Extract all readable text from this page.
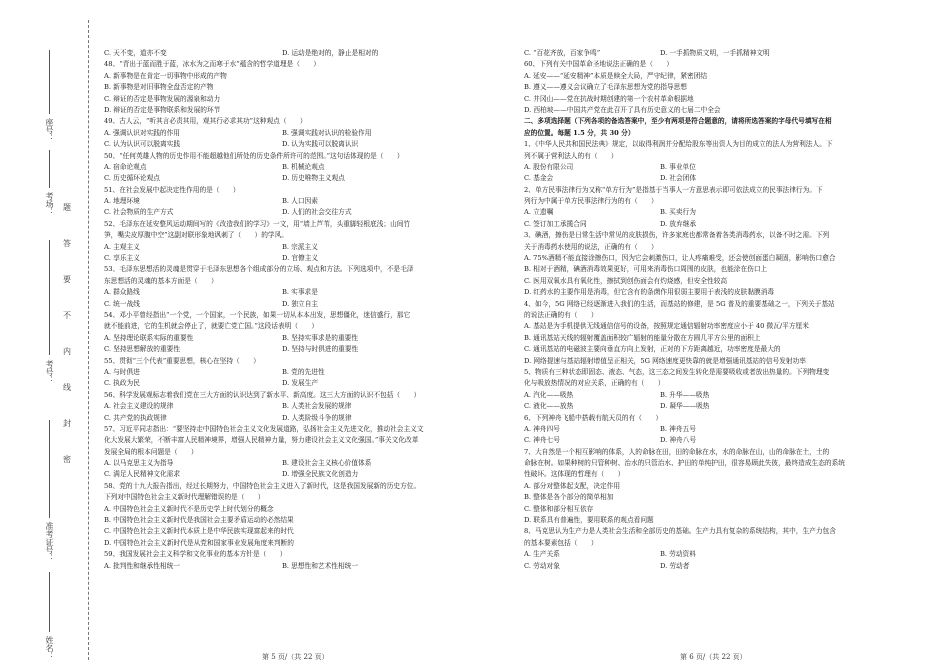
座号：
考场：
考号：
准考证号：
姓名：
密
封
线
内
不
要
答
题
C. 天不变，道亦不变	D. 运动是绝对的，静止是相对的
48、“青出于蓝而胜于蓝，冰水为之而寒于水”蕴含的哲学道理是（　　）
A. 新事物是在肯定一切事物中形成的产物
B. 新事物是对旧事物全盘否定的产物
C. 辩证的否定是事物发展的源泉和动力
D. 辩证的否定是事物联系和发展的环节
49、古人云，“听其言必责其用，观其行必求其功”这种观点（　　）
A. 强调认识对实践的作用	B. 强调实践对认识的检验作用
C. 认为认识可以脱离实践	D. 认为实践可以脱离认识
50、“任何英雄人物的历史作用不能超越他们所处的历史条件所许可的范围。”这句话体现的是（　　）
A. 宿命论观点	B. 机械论观点
C. 历史循环论观点	D. 历史唯物主义观点
51、在社会发展中起决定性作用的是（　　）
A. 地理环境	B. 人口因素
C. 社会物质的生产方式	D. 人们的社会交往方式
52、毛泽东在延安整风运动期间写的《改造我们的学习》一文，用“墙上芦苇，头重脚轻根底浅；山间竹
笋，嘴尖皮厚腹中空”这副对联形象地讽刺了（　　）的学风。
A. 主观主义	B. 宗派主义
C. 享乐主义	D. 官僚主义
53、毛泽东思想活的灵魂是贯穿于毛泽东思想各个组成部分的立场、观点和方法。下列选项中，不是毛泽
东思想活的灵魂的基本方面是（　　）
A. 群众路线	B. 实事求是
C. 统一战线	D. 独立自主
54、邓小平曾经指出“一个党，一个国家，一个民族，如果一切从本本出发，思想僵化，迷信盛行，那它
就不能前进，它的生机就会停止了，就要亡党亡国。”这段话表明（　　）
A. 坚持理论联系实际的重要性	B. 坚持实事求是的重要性
C. 坚持思想解放的重要性	D. 坚持与时俱进的重要性
55、贯彻“三个代表”重要思想，核心在坚持（　　）
A. 与时俱进	B. 党的先进性
C. 执政为民	D. 发展生产
56、科学发展观标志着我们党在三大方面的认识达到了新水平、新高度。这三大方面的认识不包括（　　）
A. 社会主义建设的规律	B. 人类社会发展的规律
C. 共产党的执政规律	D. 人类阶级斗争的规律
57、习近平同志指出：“要坚持走中国特色社会主义文化发展道路，弘扬社会主义先进文化，推动社会主义文
化大发展大繁荣，不断丰富人民精神境界，增强人民精神力量，努力建设社会主义文化强国。”事关文化改革
发展全局的根本问题是（　　）
A. 以马克思主义为指导	B. 建设社会主义核心价值体系
C. 满足人民精神文化需求	D. 增强全民族文化创造力
58、党的十九大报告指出，经过长期努力，中国特色社会主义进入了新时代，这是我国发展新的历史方位。
下列对中国特色社会主义新时代理解错误的是（　　）
A. 中国特色社会主义新时代不是历史学上时代划分的概念
B. 中国特色社会主义新时代是我国社会主要矛盾运动的必然结果
C. 中国特色社会主义新时代本质上是中华民族实现富起来的时代
D. 中国特色社会主义新时代是从党和国家事业发展角度来判断的
59、我国发展社会主义科学和文化事业的基本方针是（　　）
A. 批判性和继承性相统一	B. 思想性和艺术性相统一
C. “百花齐放，百家争鸣”	D. 一手抓物质文明，一手抓精神文明
60、下列有关中国革命圣地说法正确的是（　　）
A. 延安——“延安精神”本质是赎全大局，严守纪律，紧密团结
B. 遵义——遵义会议确立了毛泽东思想为党的指导思想
C. 井冈山——党在抗战时期创建的第一个农村革命根据地
D. 西柏坡——中国共产党在此召开了具有历史意义的七届二中全会
二、多项选择题（下列各项的备选答案中，至少有两项是符合题意的，请将所选答案的字母代号填写在相
应的位置。每题 1.5 分，共 30 分）
1、《中华人民共和国民法典》规定，以取得利润并分配给股东等出资人为目的成立的法人为营利法人。下
列不属于营利法人的有（　　）
A. 股份有限公司	B. 事业单位
C. 基金会	D. 社会团体
2、单方民事法律行为又称“单方行为”是指基于当事人一方意思表示即可依法成立的民事法律行为。下
列行为中属于单方民事法律行为的有（　　）
A. 立遗嘱	B. 买卖行为
C. 签订加工承揽合同	D. 放弃继承
3、碘酒，擦伤是日常生活中常见的皮肤损伤，许多家庭也都常备着各类消毒药水，以备不时之需。下列
关于消毒药水使用的说法，正确的有（　　）
A. 75%酒精不能直接涂擦伤口，因为它会刺激伤口，让人疼痛难受，还会使创面蛋白凝固，影响伤口愈合
B. 相对于酒精，碘酒消毒效果更好，可用来消毒伤口周围的皮肤，也能涂在伤口上
C. 医用双氧水具有氧化性，擦拭到创伤面会有灼烧感，但安全性较高
D. 红药水的主要作用是消毒，但它含有的条菌作用很弱主要用于表浅的皮肤黏膜消毒
4、如今，5G 网络已经逐渐进入我们的生活，而基站的修建，是 5G 普及的重要基础之一，下列关于基站
的说法正确的有（　　）
A. 基站是为手机提供无线通信信号的设备，按照规定通信辐射功率密度应小于 40 微瓦/平方厘米
B. 通讯基站天线的辐射覆盖面积较广辐射的能量分散在方圆几平方公里的面积上
C. 通讯基站的电磁波主要向垂直方向上发射，正对的下方距离越近，功率密度是最大的
D. 网络提速与基站辐射增值呈正相关，5G 网络速度更快靠的就是增强通讯基站的信号发射功率
5、物质有三种状态即固态、液态、气态，这三态之间发生转化是需要吸收或者放出热量的。下列物理变
化与吸放热情况的对应关系，正确的有（　　）
A. 汽化——吸热	B. 升华——吸热
C. 液化——放热	D. 凝华——吸热
6、下列神舟飞船中搭载有航天员的有（　　）
A. 神舟四号	B. 神舟五号
C. 神舟七号	D. 神舟八号
7、大自然是一个相互影响的体系，人的命脉在田，田的命脉在水，水的命脉在山，山的命脉在土，土的
命脉在树。如果种树的只管种树、治水的只管治水、护田的单纯护田，很容易顾此失彼，最终造成生态的系统
性破坏。这体现的哲理有（　　）
A. 部分对整体起支配，决定作用
B. 整体是各个部分的简单相加
C. 整体和部分相互依存
D. 联系具有普遍性，要用联系的观点看问题
8、马克思认为生产力是人类社会生活和全部历史的基础。生产力具有复杂的系统结构，其中，生产力包含
的基本要素包括（　　）
A. 生产关系	B. 劳动资料
C. 劳动对象	D. 劳动者
第 5 页/（共 22 页）	第 6 页/（共 22 页）
